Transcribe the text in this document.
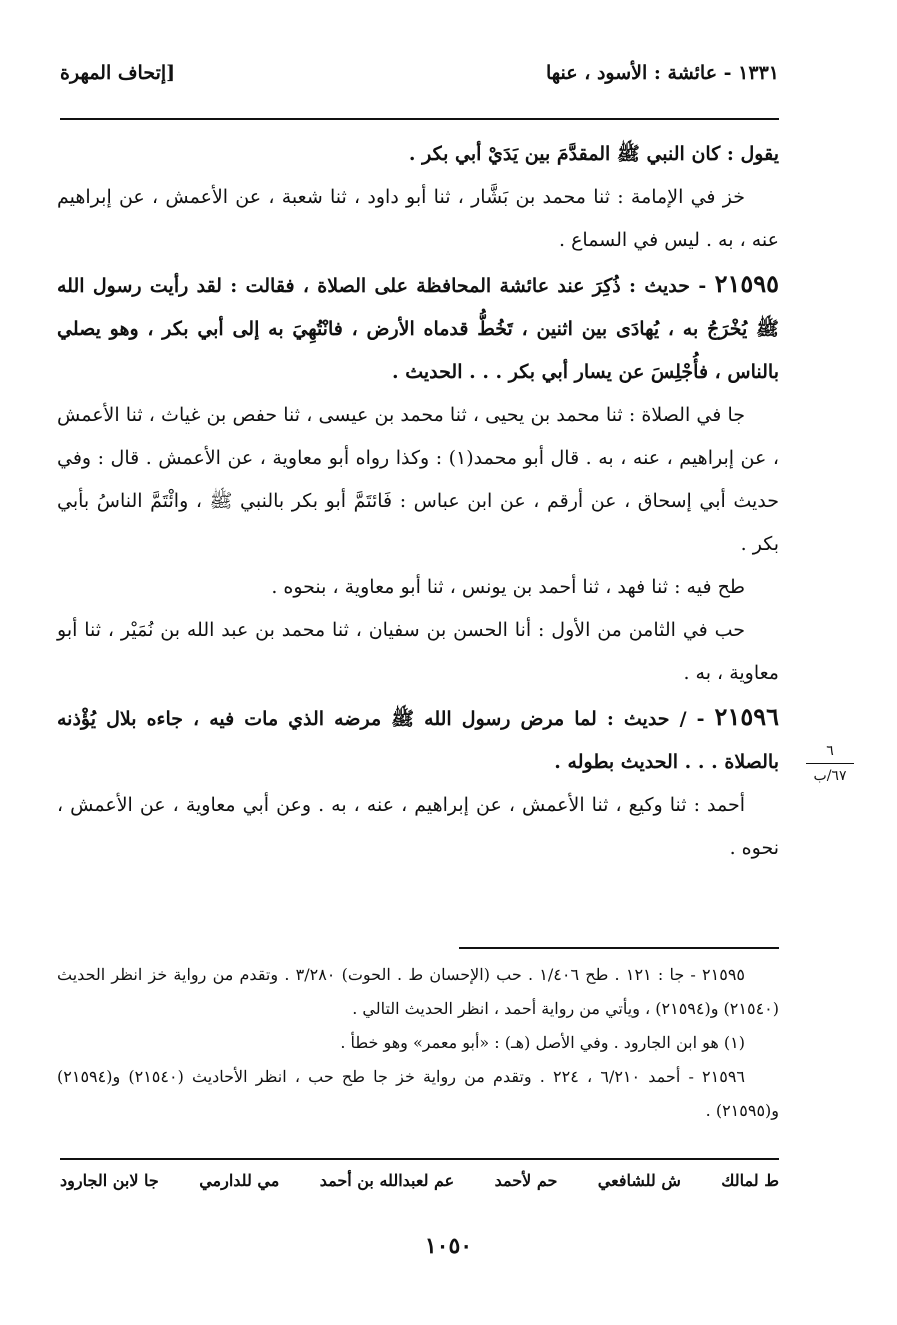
١٣٣١ - عائشة : الأسود ، عنها
[إتحاف المهرة

يقول : كان النبي ﷺ المقدَّمَ بين يَدَيْ أبي بكر .

خز في الإمامة : ثنا محمد بن بَشَّار ، ثنا أبو داود ، ثنا شعبة ، عن الأعمش ، عن إبراهيم عنه ، به . ليس في السماع .

٢١٥٩٥ - حديث : ذُكِرَ عند عائشة المحافظة على الصلاة ، فقالت : لقد رأيت رسول الله ﷺ يُخْرَجُ به ، يُهادَى بين اثنين ، تَخُطُّ قدماه الأرض ، فانْتُهِيَ به إلى أبي بكر ، وهو يصلي بالناس ، فأُجْلِسَ عن يسار أبي بكر . . . الحديث .

جا في الصلاة : ثنا محمد بن يحيى ، ثنا محمد بن عيسى ، ثنا حفص بن غياث ، ثنا الأعمش ، عن إبراهيم ، عنه ، به . قال أبو محمد(١) : وكذا رواه أبو معاوية ، عن الأعمش . قال : وفي حديث أبي إسحاق ، عن أرقم ، عن ابن عباس : فَائتَمَّ أبو بكر بالنبي ﷺ ، وائْتَمَّ الناسُ بأبي بكر .

طح فيه : ثنا فهد ، ثنا أحمد بن يونس ، ثنا أبو معاوية ، بنحوه .

حب في الثامن من الأول : أنا الحسن بن سفيان ، ثنا محمد بن عبد الله بن نُمَيْر ، ثنا أبو معاوية ، به .

٢١٥٩٦ - / حديث : لما مرض رسول الله ﷺ مرضه الذي مات فيه ، جاءه بلال يُؤْذنه بالصلاة . . . الحديث بطوله .

أحمد : ثنا وكيع ، ثنا الأعمش ، عن إبراهيم ، عنه ، به . وعن أبي معاوية ، عن الأعمش ، نحوه .

٦
٦٧/ب

٢١٥٩٥ - جا : ١٢١ . طح ١/٤٠٦ . حب (الإحسان ط . الحوت) ٣/٢٨٠ . وتقدم من رواية خز انظر الحديث (٢١٥٤٠) و(٢١٥٩٤) ، ويأتي من رواية أحمد ، انظر الحديث التالي .

(١) هو ابن الجارود . وفي الأصل (هـ) : «أبو معمر» وهو خطأ .

٢١٥٩٦ - أحمد ٦/٢١٠ ، ٢٢٤ . وتقدم من رواية خز جا طح حب ، انظر الأحاديث (٢١٥٤٠) و(٢١٥٩٤) و(٢١٥٩٥) .

ط لمالك
ش للشافعي
حم لأحمد
عم لعبدالله بن أحمد
مي للدارمي
جا لابن الجارود
١٠٥٠
